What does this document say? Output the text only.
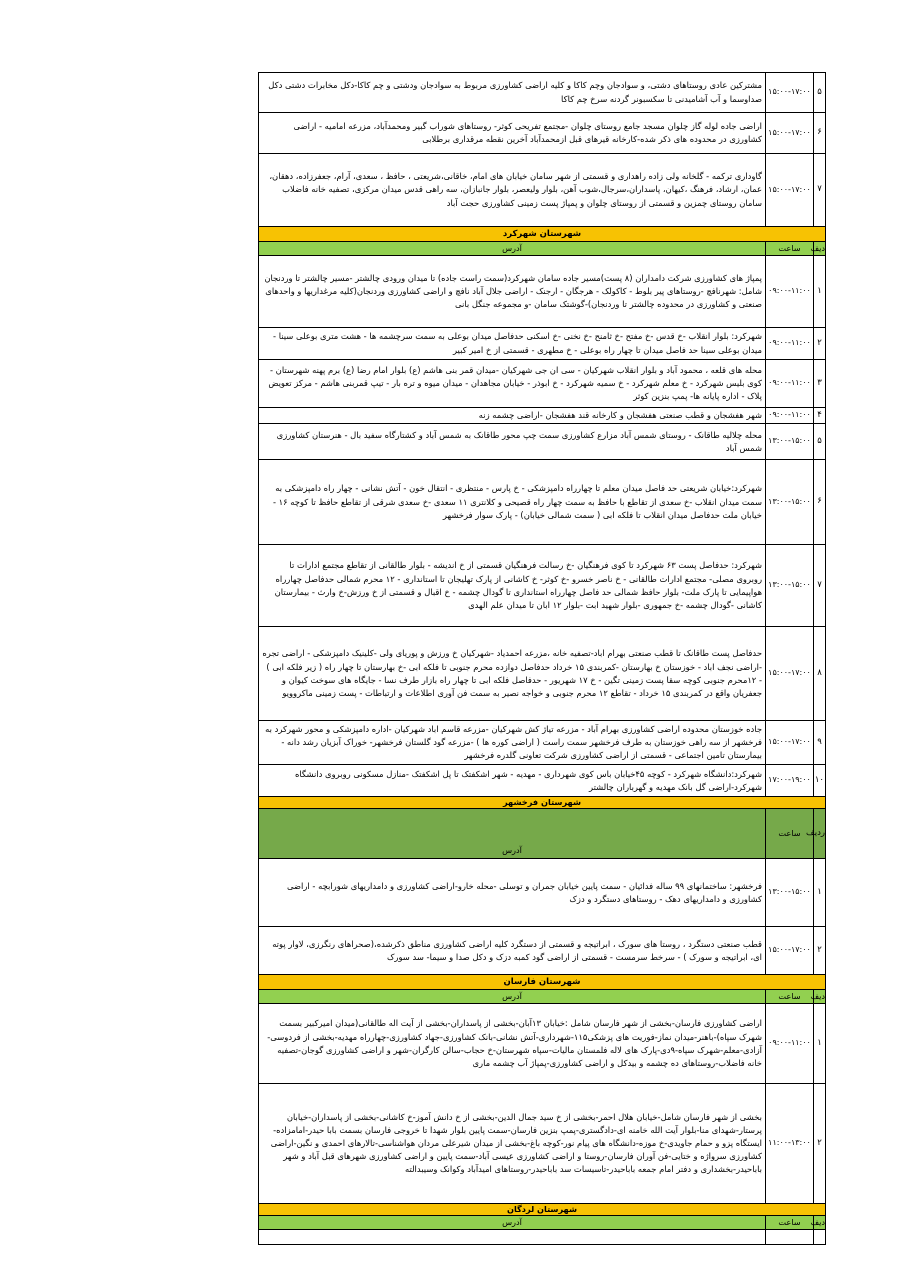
۵	۱۵:۰۰-۱۷:۰۰	مشترکین عادی روستاهای دشتی، و سوادجان وچم کاکا و کلیه اراضی کشاورزی مربوط به سوادجان ودشتی و چم کاکا-دکل مخابرات دشتی دکل صداوسما و آب آشامیدنی تا سکسبونر گردنه سرخ چم کاکا
۶	۱۵:۰۰-۱۷:۰۰	اراضی جاده لوله گاز چلوان مسجد جامع روستای چلوان -مجتمع تفریحی کوثر- روستاهای شوراب گبیر ومحمدآباد، مزرعه امامیه - اراضی کشاورزی در محدوده های ذکر شده-کارخانه قیرهای قبل ازمحمدآباد آخرین نقطه مرقداری برطلابی
۷	۱۵:۰۰-۱۷:۰۰	گاوداری ترکمه - گلخانه ولی زاده راهداری و قسمتی از شهر سامان خیابان های امام، خاقانی،شریعتی ، حافظ ، سعدی، آرام، جعفرزاده، دهقان، عمان، ارشاد، فرهنگ ،کیهان، پاسداران،سرجال،شوب آهن، بلوار ولیعصر، بلوار جانبازان، سه راهی قدس میدان مرکزی، تصفیه خانه فاضلاب سامان روستای چمزین و قسمتی از روستای چلوان و پمپاژ پست زمینی کشاورزی حجت آباد
شهرستان شهرکرد		
دیف	ساعت	آدرس
۱	۰۹:۰۰-۱۱:۰۰	پمپاژ های کشاورزی شرکت دامداران (۸ پست)مسیر جاده سامان شهرکرد(سمت راست جاده) تا میدان ورودی چالشتر -مسیر چالشتر تا وردنجان شامل: شهرنافچ -روستاهای پیر بلوط - کاکولک - هرجگان - ارجنک - اراضی جلال آباد نافچ و اراضی کشاورزی وردنجان(کلیه مرغداریها و واحدهای صنعتی و کشاورزی در محدوده چالشتر تا وردنجان)-گوشتک سامان -و مجموعه جنگل بانی
۲	۰۹:۰۰-۱۱:۰۰	شهرکرد: بلوار انقلاب -خ قدس -خ مفتح -خ ثامنح -خ نخنی -خ اسکنی حدفاصل میدان بوعلی به سمت سرچشمه ها - هشت متری بوعلی سینا - میدان بوعلی سینا حد فاصل میدان تا چهار راه بوعلی - خ مطهری - قسمتی از خ امیر کبیر
۳	۰۹:۰۰-۱۱:۰۰	محله های قلعه ، محمود آباد و بلوار انقلاب شهرکیان - سی ان جی شهرکیان -میدان قمر بنی هاشم (ع) بلوار امام رضا (ع) برم پهنه شهرستان - کوی بلیس شهرکرد - خ معلم شهرکرد - خ سمیه شهرکرد - خ ابوذر - خیابان مجاهدان - میدان میوه و تره بار - تیپ قمربنی هاشم - مرکز تعویض پلاک - اداره پایانه ها- پمپ بنزین کوثر
۴	۰۹:۰۰-۱۱:۰۰	شهر هفشجان و قطب صنعتی هفشجان و کارخانه قند هفشجان -اراضی چشمه زنه
۵	۱۳:۰۰-۱۵:۰۰	محله چلالیه طاقانک - روستای شمس آباد مزارع کشاورزی سمت چپ محور طاقانک به شمس آباد و کشتارگاه سفید بال - هنرستان کشاورزی شمس آباد
۶	۱۳:۰۰-۱۵:۰۰	شهرکرد:خیابان شریعتی حد فاصل میدان معلم تا چهارراه دامپزشکی - خ پارس - منتظری - انتقال خون - آتش نشانی - چهار راه دامپزشکی به سمت میدان انقلاب -خ سعدی از تقاطع با حافظ به سمت چهار راه قصیحی و کلانتری ۱۱ سعدی -خ سعدی شرقی از تقاطع حافظ تا کوچه ۱۶ - خیابان ملت حدفاصل میدان انقلاب تا فلکه ابی ( سمت شمالی خیابان) - پارک سوار فرخشهر
۷	۱۳:۰۰-۱۵:۰۰	شهرکرد: حدفاصل پست ۶۳ شهرکرد تا کوی فرهنگیان -خ رسالت فرهنگیان قسمتی از خ اندیشه - بلوار طالقانی از تقاطع مجتمع ادارات تا روبروی مصلی- مجتمع ادارات طالقانی - خ ناصر خسرو -خ کوثر- خ کاشانی از پارک تهلیجان تا استانداری - ۱۲ محرم شمالی حدفاصل چهارراه هواپیمایی تا پارک ملت- بلوار حافظ شمالی حد فاصل چهارراه استانداری تا گودال چشمه - خ اقبال و قسمتی از خ ورزش-خ وارث - بیمارستان کاشانی -گودال چشمه -خ جمهوری -بلوار شهید ابت -بلوار ۱۲ ابان تا میدان علم الهدی
۸	۱۵:۰۰-۱۷:۰۰	حدفاصل پست طاقانک تا قطب صنعتی بهرام اباد-تصفیه خانه ،مزرعه احمدیاد -شهرکیان خ ورزش و پوریای ولی -کلینیک دامپزشکی - اراضی تجره -اراضی نجف اباد - خوزستان خ بهارستان -کمربندی ۱۵ خرداد حدفاصل دوازده محرم جنوبی تا فلکه ابی -خ بهارستان تا چهار راه ( زیر فلکه ابی ) - ۱۲محرم جنوبی کوچه سقا پست زمینی تگین - خ ۱۷ شهریور - حدفاصل فلکه ابی تا چهار راه بازار طرف نسا - جایگاه های سوخت کیوان و جعفریان واقع در کمربندی ۱۵ خرداد - تقاطع ۱۲ محرم جنوبی و خواجه نصیر به سمت فن آوری اطلاعات و ارتباطات - پست زمینی ماکروویو
۹	۱۵:۰۰-۱۷:۰۰	جاده خوزستان محدوده اراضی کشاورزی بهرام آباد - مزرعه تیاژ کش شهرکیان -مزرعه قاسم اباد شهرکیان -اداره دامپزشکی و محور شهرکرد به فرخشهر از سه راهی خوزستان به طرف فرخشهر سمت راست ( اراضی کوره ها ) -مزرعه گود گلستان فرخشهر- خوراک آبزیان رشد دانه - بیمارستان تامین اجتماعی - قسمتی از اراضی کشاورزی شرکت تعاونی گلدره فرخشهر
۱۰	۱۷:۰۰-۱۹:۰۰	شهرکرد:دانشگاه شهرکرد - کوچه ۴۵خیابان باس کوی شهرداری - مهدیه - شهر اشکفتک تا پل اشکفتک -منازل مسکونی روبروی دانشگاه شهرکرد-اراضی گل بانک مهدیه و گهرباران چالشتر
شهرستان فرخشهر		
ردیف	ساعت	آدرس
۱	۱۳:۰۰-۱۵:۰۰	فرخشهر: ساختمانهای ۹۹ ساله فدائیان - سمت پایین خیابان جمران و توسلی -محله خارو-اراضی کشاورزی و دامداریهای شورابچه - اراضی کشاورزی و دامداریهای دهک - روستاهای دستگرد و دزک
۲	۱۵:۰۰-۱۷:۰۰	قطب صنعتی دستگرد ، روستا های سورک ، ابراتیجه و قسمتی از دستگرد کلیه اراضی کشاورزی مناطق ذکرشده،(صحراهای رنگرزی، لاوار پوته ای، ابراتیجه و سورک ) - سرخط سرمست - قسمتی از اراضی گود کمبه دزک و دکل صدا و سیما- سد سورک
شهرستان فارسان		
دیف	ساعت	آدرس
۱	۰۹:۰۰-۱۱:۰۰	اراضی کشاورزی فارسان-بخشی از شهر فارسان شامل :خیابان ۱۳آبان-بخشی از پاسداران-بخشی از آیت اله طالقانی(میدان امیرکبیر بسمت شهرک سپاه)-باهنر-میدان نماز-فوریت های پزشکی۱۱۵-شهرداری-آتش نشانی-بانک کشاورزی-جهاد کشاورزی-چهارراه مهدیه-بخشی از فردوسی-آزادی-معلم-شهرک سپاه-۹دی-پارک های لاله فلمستان مالیات-سپاه شهرستان-خ حجاب-سالن کارگران-شهر و اراضی کشاورزی گوجان-تصفیه خانه فاضلاب-روستاهای ده چشمه و بیدکل و اراضی کشاورزی-پمپاژ آب چشمه ماری
۲	۱۱:۰۰-۱۳:۰۰	بخشی از شهر فارسان شامل-خیابان هلال احمر-بخشی از خ سید جمال الدین-بخشی از خ دانش آموز-خ کاشانی-بخشی از پاسداران-خیابان پرستار-شهدای منا-بلوار آیت الله خامنه ای-دادگستری-پمپ بنزین فارسان-سمت پایین بلوار شهدا تا خروجی فارسان بسمت بابا حیدر-امامزاده-ایستگاه پزو و حمام جاویدی-خ موزه-دانشگاه های پیام نور-کوچه باغ-بخشی از میدان شیرعلی مردان هواشناسی-تالارهای احمدی و نگین-اراضی کشاورزی سرواژه و ختایی-فن آوران فارسان-روستا و اراضی کشاورزی عیسی آباد-سمت پایین و اراضی کشاورزی شهرهای قبل آباد و شهر باباحیدر-بخشداری و دفتر امام جمعه باباحیدر-تاسیسات سد باباحیدر-روستاهای امیدآباد وکوانک وسیبدالته
شهرستان لردگان		
دیف	ساعت	آدرس
